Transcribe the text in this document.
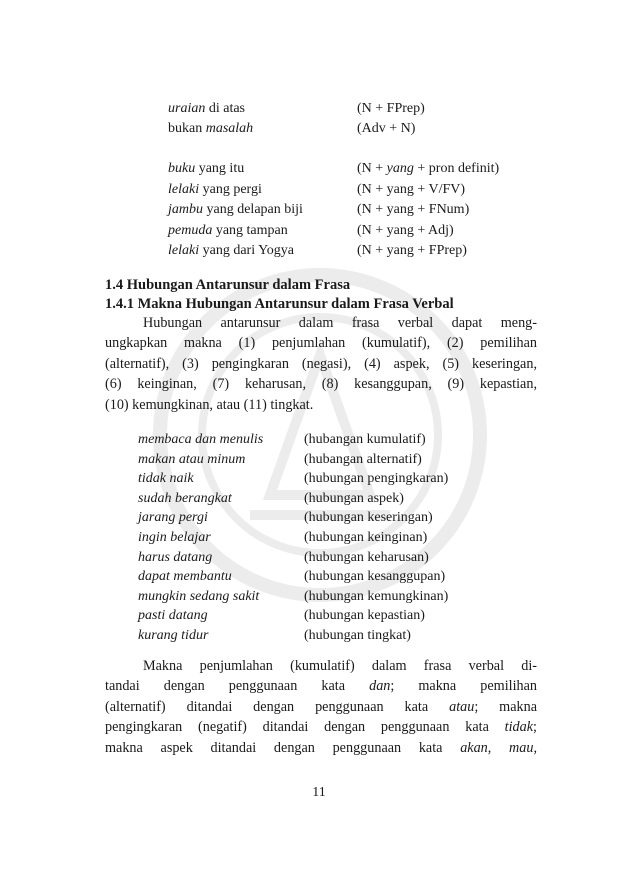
uraian di atas	(N + FPrep)
bukan masalah	(Adv + N)
buku yang itu	(N + yang + pron definit)
lelaki yang pergi	(N + yang + V/FV)
jambu yang delapan biji	(N + yang + FNum)
pemuda yang tampan	(N + yang + Adj)
lelaki yang dari Yogya	(N + yang + FPrep)
1.4 Hubungan Antarunsur dalam Frasa
1.4.1 Makna Hubungan Antarunsur dalam Frasa Verbal

Hubungan antarunsur dalam frasa verbal dapat meng-

ungkapkan makna (1) penjumlahan (kumulatif), (2) pemilihan

(alternatif), (3) pengingkaran (negasi), (4) aspek, (5) keseringan,

(6) keinginan, (7) keharusan, (8) kesanggupan, (9) kepastian,

(10) kemungkinan, atau (11) tingkat.

membaca dan menulis	(hubangan kumulatif)
makan atau minum	(hubangan alternatif)
tidak naik	(hubungan pengingkaran)
sudah berangkat	(hubungan aspek)
jarang pergi	(hubungan keseringan)
ingin belajar	(hubungan keinginan)
harus datang	(hubungan keharusan)
dapat membantu	(hubungan kesanggupan)
mungkin sedang sakit	(hubungan kemungkinan)
pasti datang	(hubungan kepastian)
kurang tidur	(hubungan tingkat)

Makna penjumlahan (kumulatif) dalam frasa verbal di-

tandai dengan penggunaan kata dan; makna pemilihan

(alternatif) ditandai dengan penggunaan kata atau; makna

pengingkaran (negatif) ditandai dengan penggunaan kata tidak;

makna aspek ditandai dengan penggunaan kata akan, mau,

11
